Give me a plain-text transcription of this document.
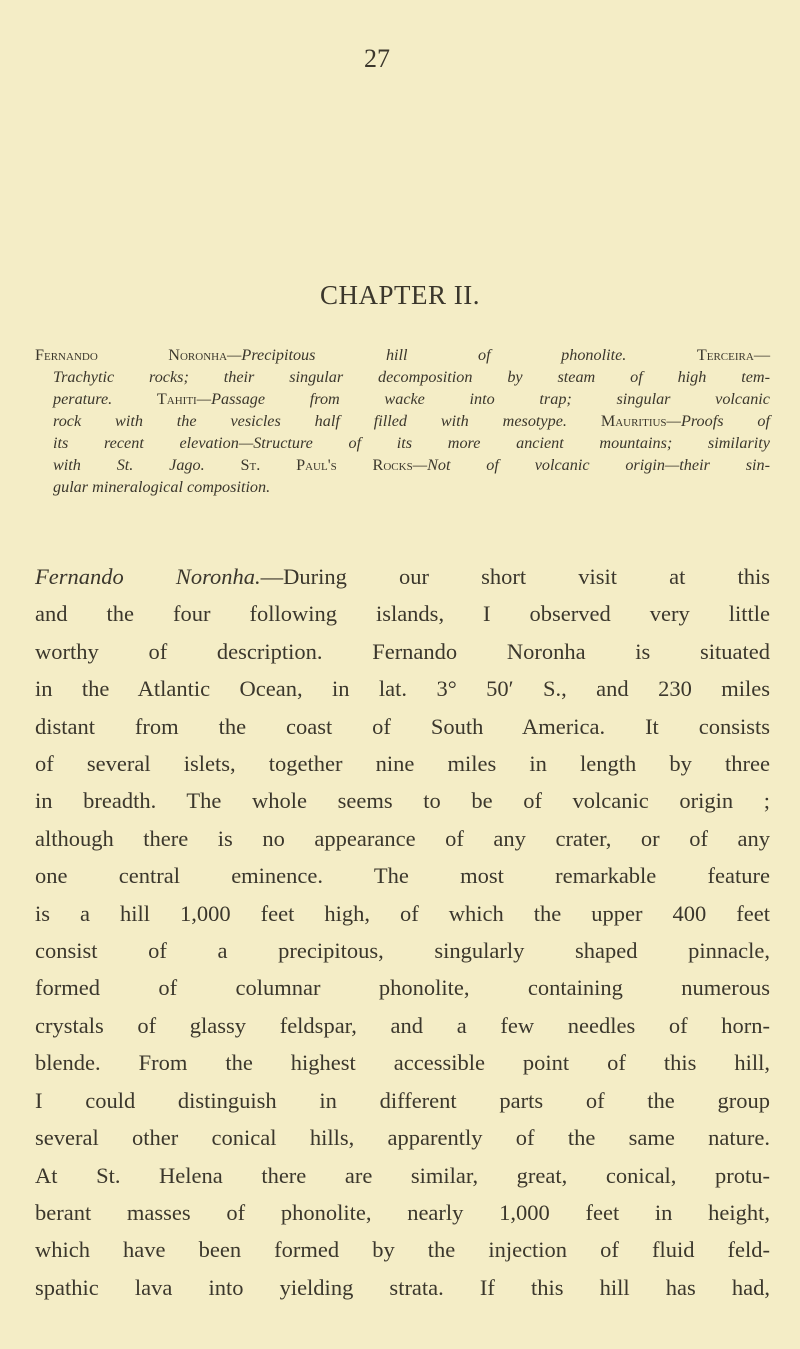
27
CHAPTER II.
Fernando Noronha—Precipitous hill of phonolite. Terceira—
Trachytic rocks; their singular decomposition by steam of high tem-
perature. Tahiti—Passage from wacke into trap; singular volcanic
rock with the vesicles half filled with mesotype. Mauritius—Proofs of
its recent elevation—Structure of its more ancient mountains; similarity
with St. Jago. St. Paul's Rocks—Not of volcanic origin—their sin-
gular mineralogical composition.
Fernando Noronha.—During our short visit at this
and the four following islands, I observed very little
worthy of description. Fernando Noronha is situated
in the Atlantic Ocean, in lat. 3° 50′ S., and 230 miles
distant from the coast of South America. It consists
of several islets, together nine miles in length by three
in breadth. The whole seems to be of volcanic origin ;
although there is no appearance of any crater, or of any
one central eminence. The most remarkable feature
is a hill 1,000 feet high, of which the upper 400 feet
consist of a precipitous, singularly shaped pinnacle,
formed of columnar phonolite, containing numerous
crystals of glassy feldspar, and a few needles of horn-
blende. From the highest accessible point of this hill,
I could distinguish in different parts of the group
several other conical hills, apparently of the same nature.
At St. Helena there are similar, great, conical, protu-
berant masses of phonolite, nearly 1,000 feet in height,
which have been formed by the injection of fluid feld-
spathic lava into yielding strata. If this hill has had,
